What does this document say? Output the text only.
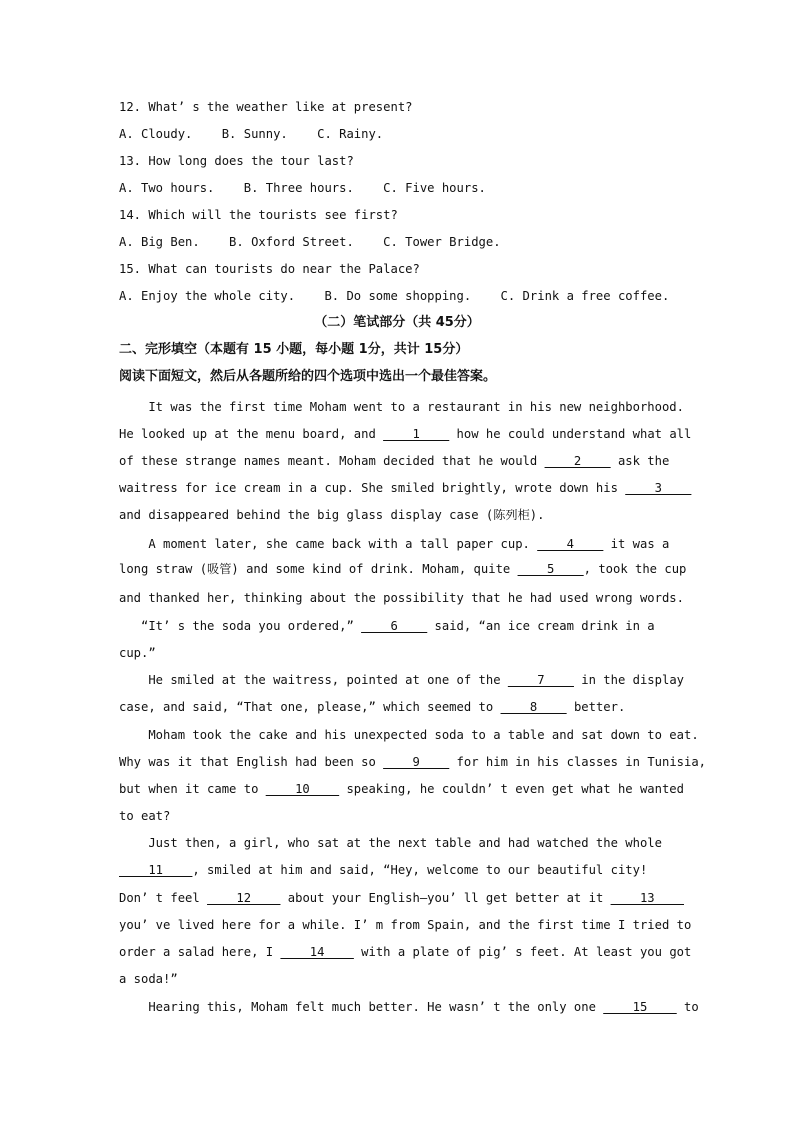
12. What’ s the weather like at present?
A. Cloudy.    B. Sunny.    C. Rainy.
13. How long does the tour last?
A. Two hours.    B. Three hours.    C. Five hours.
14. Which will the tourists see first?
A. Big Ben.    B. Oxford Street.    C. Tower Bridge.
15. What can tourists do near the Palace?
A. Enjoy the whole city.    B. Do some shopping.    C. Drink a free coffee.
（二）笔试部分（共 45分）
二、完形填空（本题有 15 小题，每小题 1分，共计 15分）
阅读下面短文，然后从各题所给的四个选项中选出一个最佳答案。
It was the first time Moham went to a restaurant in his new neighborhood.
He looked up at the menu board, and ____1____ how he could understand what all
of these strange names meant. Moham decided that he would ____2____ ask the
waitress for ice cream in a cup. She smiled brightly, wrote down his ____3____
and disappeared behind the big glass display case (陈列柜).
A moment later, she came back with a tall paper cup. ____4____ it was a
long straw (吸管) and some kind of drink. Moham, quite ____5____, took the cup
and thanked her, thinking about the possibility that he had used wrong words.
“It’ s the soda you ordered,” ____6____ said, “an ice cream drink in a
cup.”
He smiled at the waitress, pointed at one of the ____7____ in the display
case, and said, “That one, please,” which seemed to ____8____ better.
Moham took the cake and his unexpected soda to a table and sat down to eat.
Why was it that English had been so ____9____ for him in his classes in Tunisia,
but when it came to ____10____ speaking, he couldn’ t even get what he wanted
to eat?
Just then, a girl, who sat at the next table and had watched the whole
____11____, smiled at him and said, “Hey, welcome to our beautiful city!
Don’ t feel ____12____ about your English—you’ ll get better at it ____13____
you’ ve lived here for a while. I’ m from Spain, and the first time I tried to
order a salad here, I ____14____ with a plate of pig’ s feet. At least you got
a soda!”
Hearing this, Moham felt much better. He wasn’ t the only one ____15____ to
